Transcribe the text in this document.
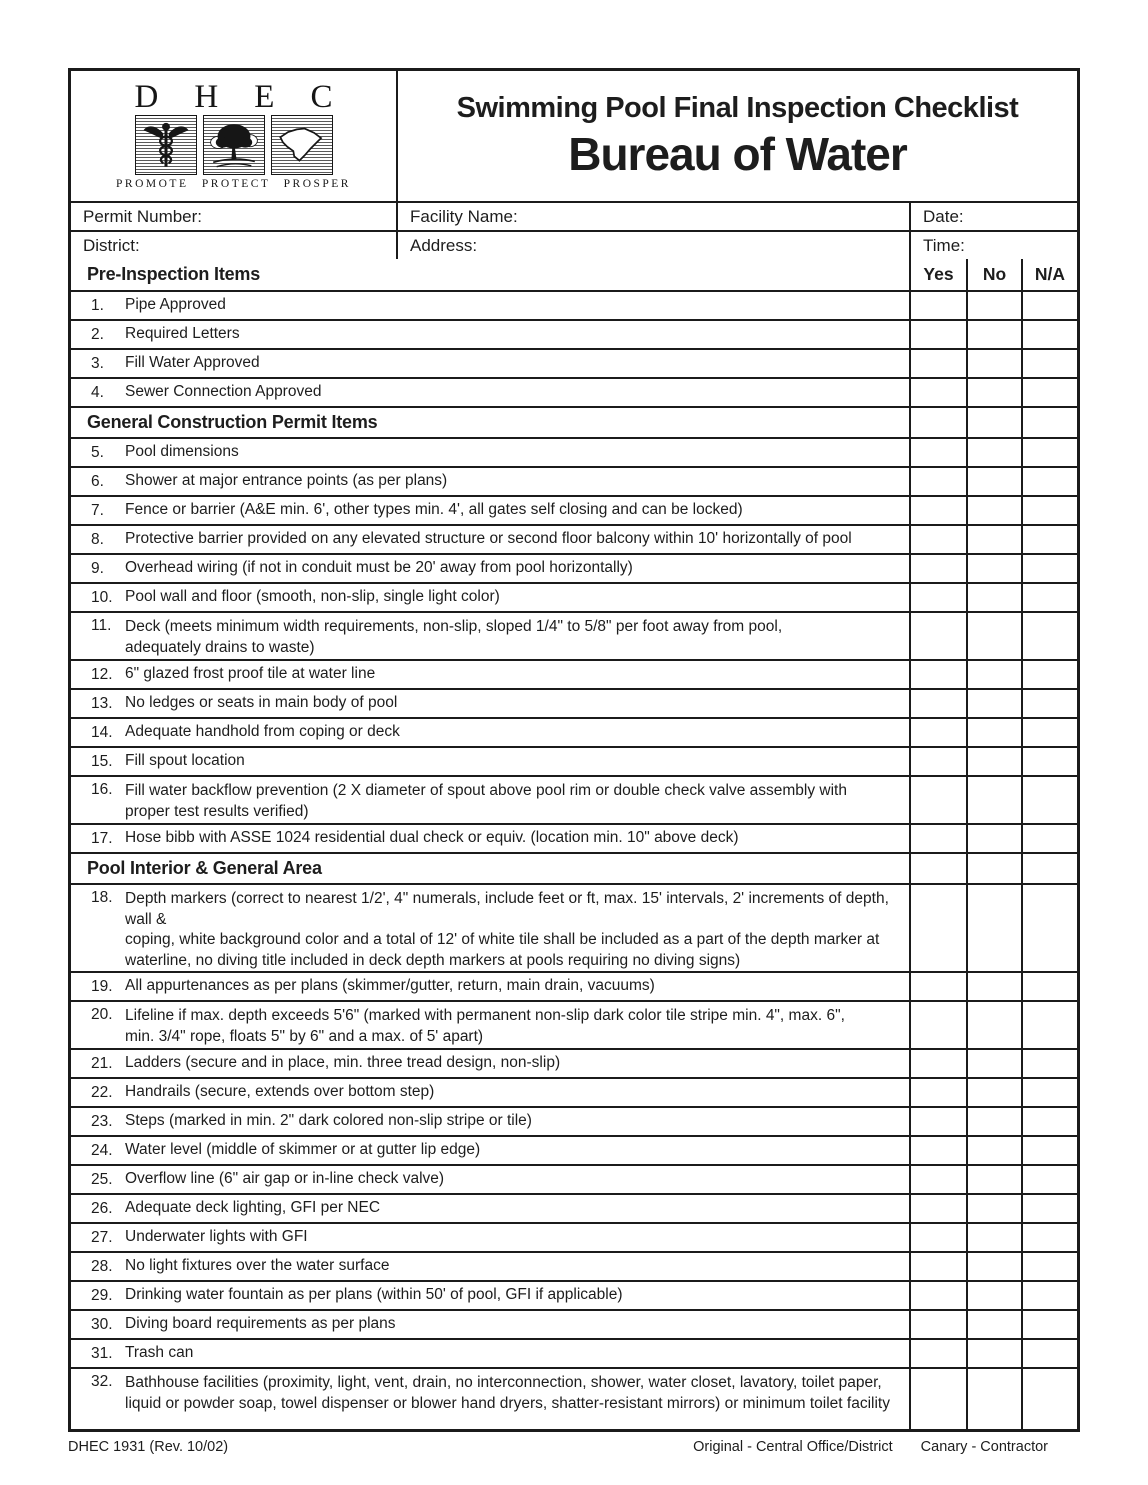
D H E C
PROMOTE PROTECT PROSPER
Swimming Pool Final Inspection Checklist
Bureau of Water
Permit Number:	Facility Name:	Date:
District:	Address:	Time:
Pre-Inspection Items	Yes	No	N/A
1.	Pipe Approved
2.	Required Letters
3.	Fill Water Approved
4.	Sewer Connection Approved
General Construction Permit Items
5.	Pool dimensions
6.	Shower at major entrance points (as per plans)
7.	Fence or barrier (A&E min. 6', other types min. 4', all gates self closing and can be locked)
8.	Protective barrier provided on any elevated structure or second floor balcony within 10' horizontally of pool
9.	Overhead wiring (if not in conduit must be 20' away from pool horizontally)
10. Pool wall and floor (smooth, non-slip, single light color)
11. Deck (meets minimum width requirements, non-slip, sloped 1/4" to 5/8" per foot away from pool,
adequately drains to waste)
12. 6" glazed frost proof tile at water line
13. No ledges or seats in main body of pool
14. Adequate handhold from coping or deck
15. Fill spout location
16. Fill water backflow prevention (2 X diameter of spout above pool rim or double check valve assembly with
proper test results verified)
17. Hose bibb with ASSE 1024 residential dual check or equiv. (location min. 10" above deck)
Pool Interior & General Area
18. Depth markers (correct to nearest 1/2', 4" numerals, include feet or ft, max. 15' intervals, 2' increments of depth, wall &
coping, white background color and a total of 12' of white tile shall be included as a part of the depth marker at
waterline, no diving title included in deck depth markers at pools requiring no diving signs)
19. All appurtenances as per plans (skimmer/gutter, return, main drain, vacuums)
20. Lifeline if max. depth exceeds 5'6" (marked with permanent non-slip dark color tile stripe min. 4", max. 6",
min. 3/4" rope, floats 5" by 6" and a max. of 5' apart)
21. Ladders (secure and in place, min. three tread design, non-slip)
22. Handrails (secure, extends over bottom step)
23. Steps (marked in min. 2" dark colored non-slip stripe or tile)
24. Water level (middle of skimmer or at gutter lip edge)
25. Overflow line (6" air gap or in-line check valve)
26. Adequate deck lighting, GFI per NEC
27. Underwater lights with GFI
28. No light fixtures over the water surface
29. Drinking water fountain as per plans (within 50' of pool, GFI if applicable)
30. Diving board requirements as per plans
31. Trash can
32. Bathhouse facilities (proximity, light, vent, drain, no interconnection, shower, water closet, lavatory, toilet paper,
liquid or powder soap, towel dispenser or blower hand dryers, shatter-resistant mirrors) or minimum toilet facility
DHEC 1931 (Rev. 10/02)	Original - Central Office/District Canary - Contractor
